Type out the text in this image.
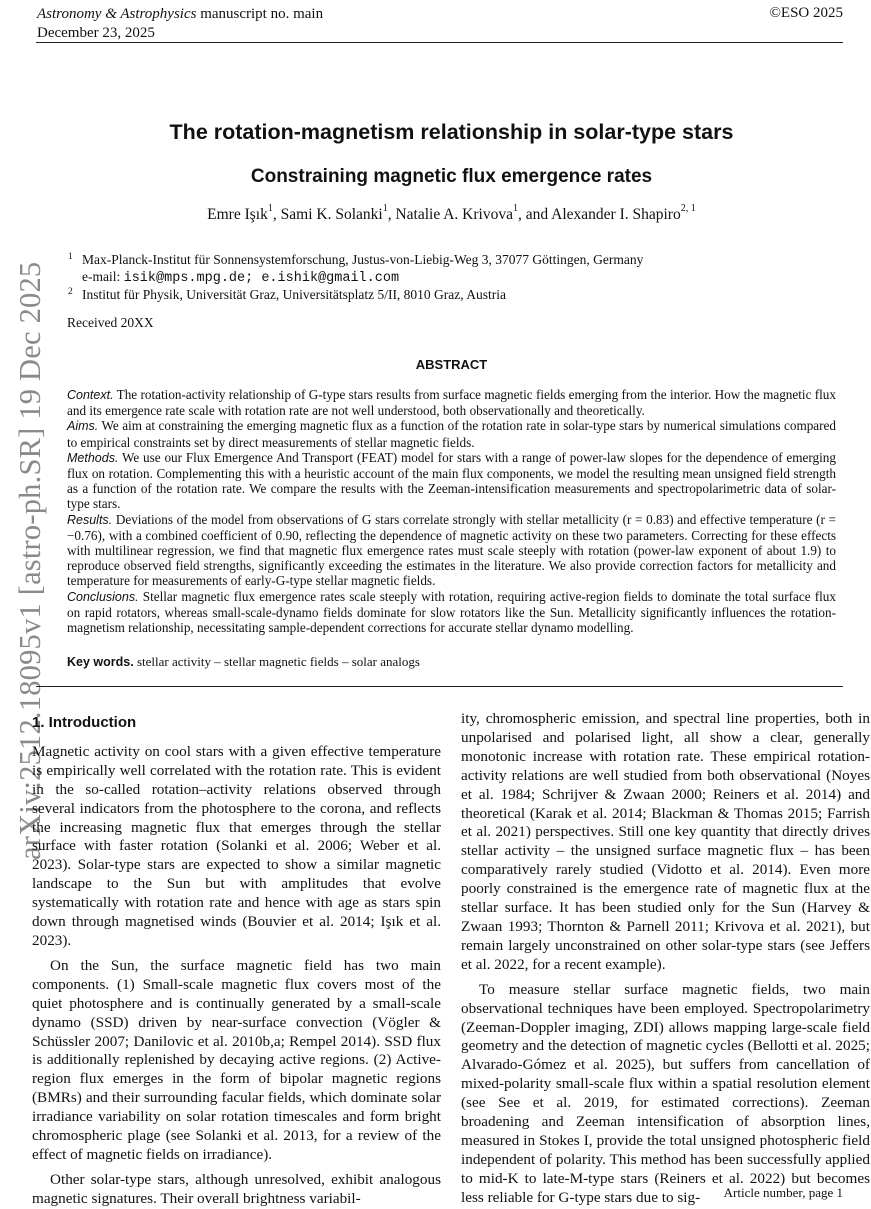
Astronomy & Astrophysics manuscript no. main
December 23, 2025
©ESO 2025
arXiv:2512.18095v1 [astro-ph.SR] 19 Dec 2025
The rotation-magnetism relationship in solar-type stars
Constraining magnetic flux emergence rates
Emre Işık$^1$, Sami K. Solanki$^1$, Natalie A. Krivova$^1$, and Alexander I. Shapiro$^{2, 1}$
1 Max-Planck-Institut für Sonnensystemforschung, Justus-von-Liebig-Weg 3, 37077 Göttingen, Germany
e-mail: isik@mps.mpg.de; e.ishik@gmail.com
2 Institut für Physik, Universität Graz, Universitätsplatz 5/II, 8010 Graz, Austria
Received 20XX
ABSTRACT

Context. The rotation-activity relationship of G-type stars results from surface magnetic fields emerging from the interior. How the magnetic flux and its emergence rate scale with rotation rate are not well understood, both observationally and theoretically.

Aims. We aim at constraining the emerging magnetic flux as a function of the rotation rate in solar-type stars by numerical simulations compared to empirical constraints set by direct measurements of stellar magnetic fields.

Methods. We use our Flux Emergence And Transport (FEAT) model for stars with a range of power-law slopes for the dependence of emerging flux on rotation. Complementing this with a heuristic account of the main flux components, we model the resulting mean unsigned field strength as a function of the rotation rate. We compare the results with the Zeeman-intensification measurements and spectropolarimetric data of solar-type stars.

Results. Deviations of the model from observations of G stars correlate strongly with stellar metallicity (r = 0.83) and effective temperature (r = −0.76), with a combined coefficient of 0.90, reflecting the dependence of magnetic activity on these two parameters. Correcting for these effects with multilinear regression, we find that magnetic flux emergence rates must scale steeply with rotation (power-law exponent of about 1.9) to reproduce observed field strengths, significantly exceeding the estimates in the literature. We also provide correction factors for metallicity and temperature for measurements of early-G-type stellar magnetic fields.

Conclusions. Stellar magnetic flux emergence rates scale steeply with rotation, requiring active-region fields to dominate the total surface flux on rapid rotators, whereas small-scale-dynamo fields dominate for slow rotators like the Sun. Metallicity significantly influences the rotation-magnetism relationship, necessitating sample-dependent corrections for accurate stellar dynamo modelling.

Key words. stellar activity – stellar magnetic fields – solar analogs
1. Introduction

Magnetic activity on cool stars with a given effective temperature is empirically well correlated with the rotation rate. This is evident in the so-called rotation–activity relations observed through several indicators from the photosphere to the corona, and reflects the increasing magnetic flux that emerges through the stellar surface with faster rotation (Solanki et al. 2006; Weber et al. 2023). Solar-type stars are expected to show a similar magnetic landscape to the Sun but with amplitudes that evolve systematically with rotation rate and hence with age as stars spin down through magnetised winds (Bouvier et al. 2014; Işık et al. 2023).

On the Sun, the surface magnetic field has two main components. (1) Small-scale magnetic flux covers most of the quiet photosphere and is continually generated by a small-scale dynamo (SSD) driven by near-surface convection (Vögler & Schüssler 2007; Danilovic et al. 2010b,a; Rempel 2014). SSD flux is additionally replenished by decaying active regions. (2) Active-region flux emerges in the form of bipolar magnetic regions (BMRs) and their surrounding facular fields, which dominate solar irradiance variability on solar rotation timescales and form bright chromospheric plage (see Solanki et al. 2013, for a review of the effect of magnetic fields on irradiance).

Other solar-type stars, although unresolved, exhibit analogous magnetic signatures. Their overall brightness variabil-

ity, chromospheric emission, and spectral line properties, both in unpolarised and polarised light, all show a clear, generally monotonic increase with rotation rate. These empirical rotation-activity relations are well studied from both observational (Noyes et al. 1984; Schrijver & Zwaan 2000; Reiners et al. 2014) and theoretical (Karak et al. 2014; Blackman & Thomas 2015; Farrish et al. 2021) perspectives. Still one key quantity that directly drives stellar activity – the unsigned surface magnetic flux – has been comparatively rarely studied (Vidotto et al. 2014). Even more poorly constrained is the emergence rate of magnetic flux at the stellar surface. It has been studied only for the Sun (Harvey & Zwaan 1993; Thornton & Parnell 2011; Krivova et al. 2021), but remain largely unconstrained on other solar-type stars (see Jeffers et al. 2022, for a recent example).

To measure stellar surface magnetic fields, two main observational techniques have been employed. Spectropolarimetry (Zeeman-Doppler imaging, ZDI) allows mapping large-scale field geometry and the detection of magnetic cycles (Bellotti et al. 2025; Alvarado-Gómez et al. 2025), but suffers from cancellation of mixed-polarity small-scale flux within a spatial resolution element (see See et al. 2019, for estimated corrections). Zeeman broadening and Zeeman intensification of absorption lines, measured in Stokes I, provide the total unsigned photospheric field independent of polarity. This method has been successfully applied to mid-K to late-M-type stars (Reiners et al. 2022) but becomes less reliable for G-type stars due to sig-	Article number, page 1
